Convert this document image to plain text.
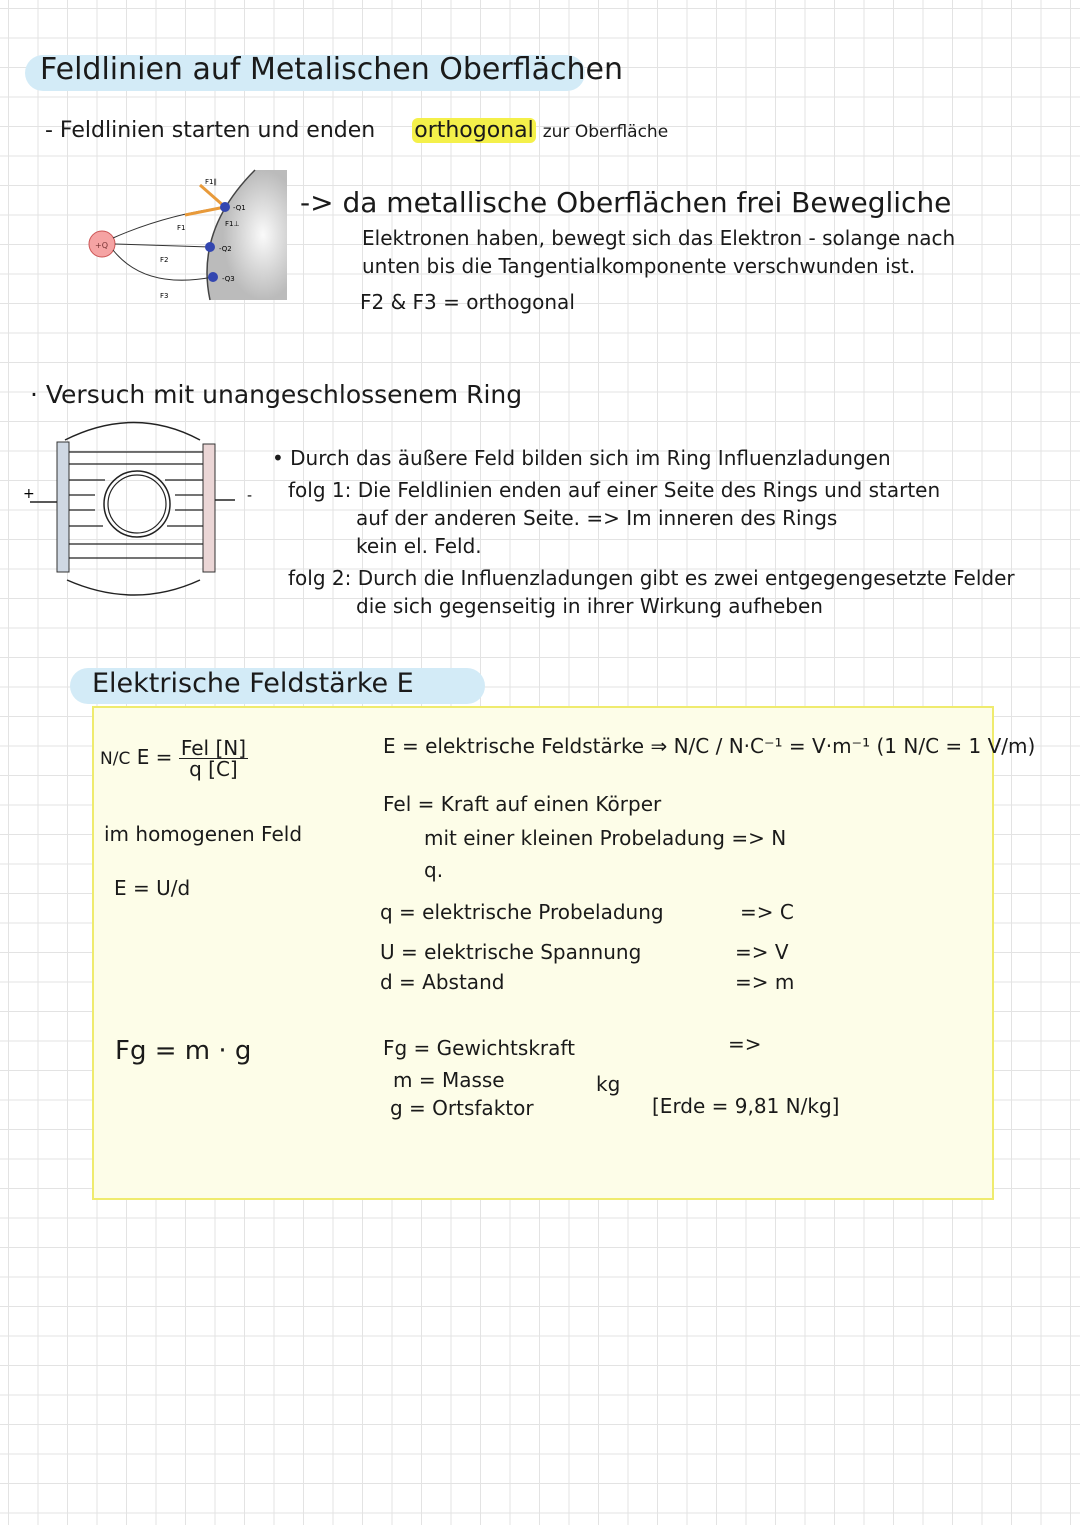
Feldlinien auf Metalischen Oberflächen
- Feldlinien starten und enden orthogonal zur Oberfläche
+Q
-Q1
-Q2
-Q3
F1∥
F1⊥
F1
F2
F3
-> da metallische Oberflächen frei Bewegliche
Elektronen haben, bewegt sich das Elektron - solange nach
unten bis die Tangentialkomponente verschwunden ist.
F2 & F3 = orthogonal
· Versuch mit unangeschlossenem Ring
+	-
• Durch das äußere Feld bilden sich im Ring Influenzladungen
folg 1: Die Feldlinien enden auf einer Seite des Rings und starten
auf der anderen Seite. => Im inneren des Rings
kein el. Feld.
folg 2: Durch die Influenzladungen gibt es zwei entgegengesetzte Felder
die sich gegenseitig in ihrer Wirkung aufheben
Elektrische Feldstärke E
N/C $E = \frac{\text{Fel [N]}}{q [C]}$
im homogenen Feld
E = U/d
E = elektrische Feldstärke ⇒ N/C / N·C⁻¹ = V·m⁻¹ (1 N/C = 1 V/m)
Fel = Kraft auf einen Körper
mit einer kleinen Probeladung => N
q.
q = elektrische Probeladung	=> C
U = elektrische Spannung	=> V
d = Abstand	=> m
Fg = m · g	Fg = Gewichtskraft	=>
m = Masse	kg
g = Ortsfaktor	[Erde = 9,81 N/kg]
